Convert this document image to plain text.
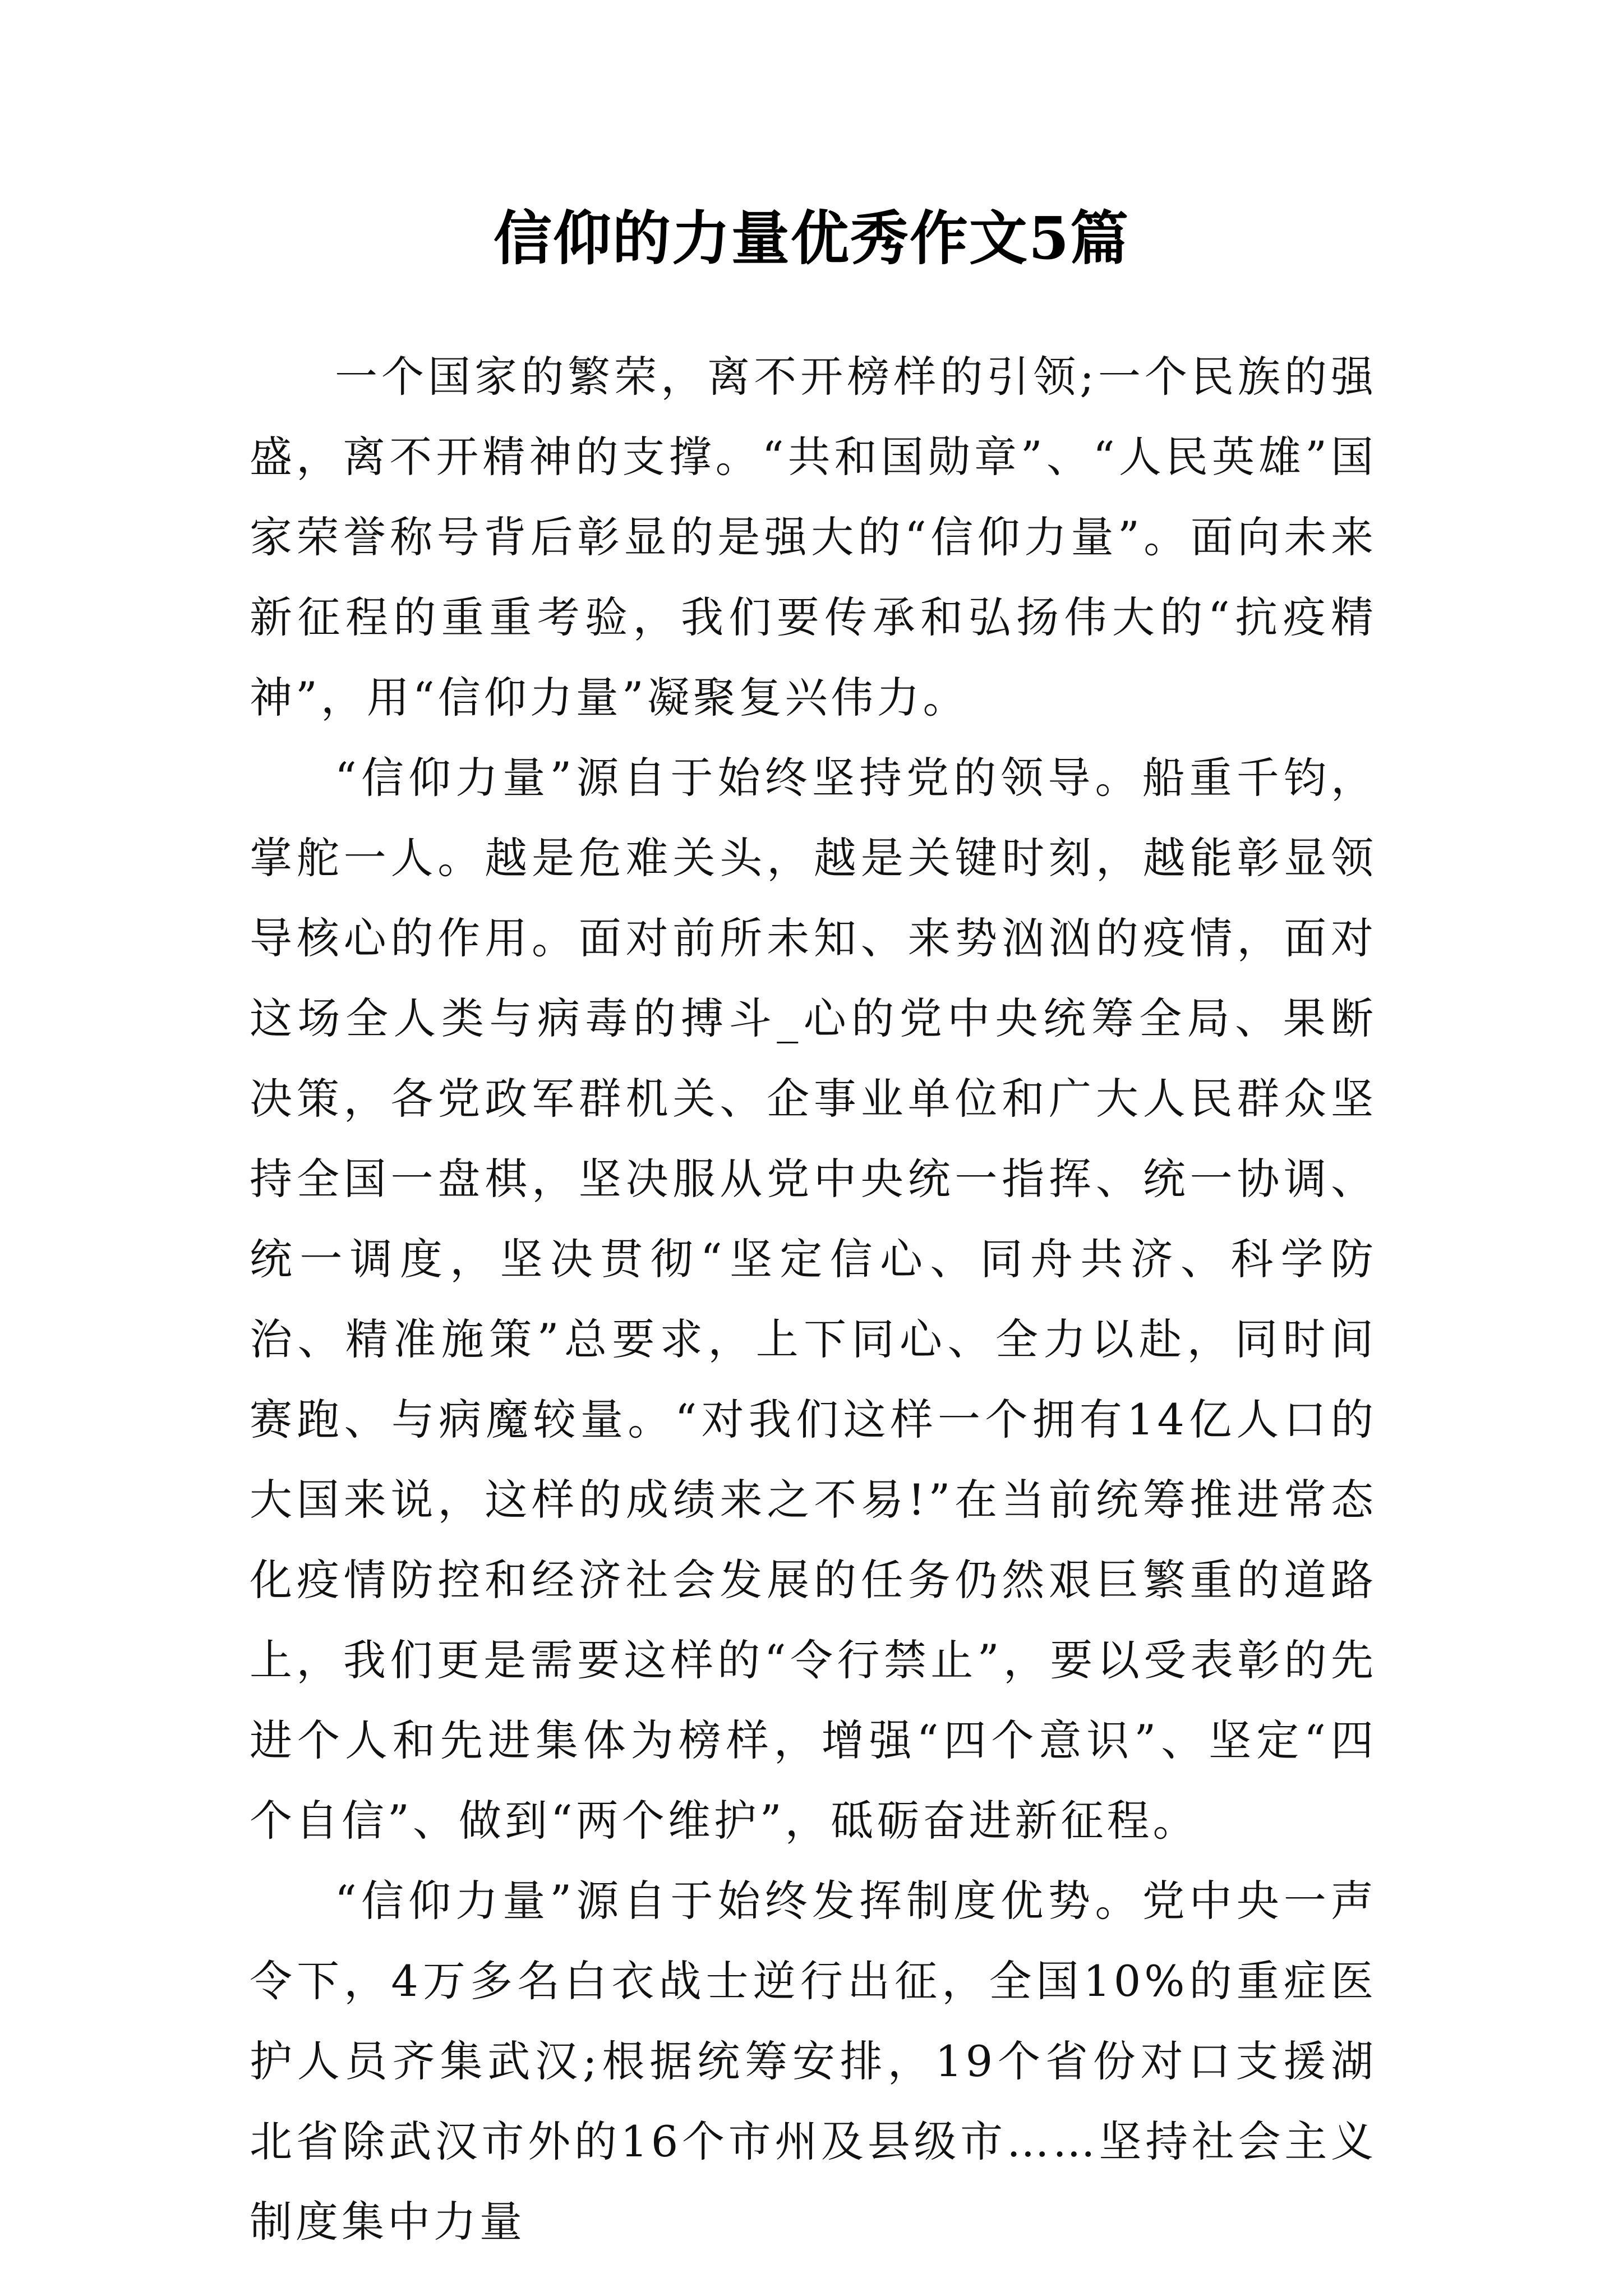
信仰的力量优秀作文5篇

一个国家的繁荣，离不开榜样的引领;一个民族的强盛，离不开精神的支撑。“共和国勋章”、“人民英雄”国家荣誉称号背后彰显的是强大的“信仰力量”。面向未来新征程的重重考验，我们要传承和弘扬伟大的“抗疫精神”，用“信仰力量”凝聚复兴伟力。

“信仰力量”源自于始终坚持党的领导。船重千钧，掌舵一人。越是危难关头，越是关键时刻，越能彰显领导核心的作用。面对前所未知、来势汹汹的疫情，面对这场全人类与病毒的搏斗_心的党中央统筹全局、果断决策，各党政军群机关、企事业单位和广大人民群众坚持全国一盘棋，坚决服从党中央统一指挥、统一协调、统一调度，坚决贯彻“坚定信心、同舟共济、科学防治、精准施策”总要求，上下同心、全力以赴，同时间赛跑、与病魔较量。“对我们这样一个拥有14亿人口的大国来说，这样的成绩来之不易!”在当前统筹推进常态化疫情防控和经济社会发展的任务仍然艰巨繁重的道路上，我们更是需要这样的“令行禁止”，要以受表彰的先进个人和先进集体为榜样，增强“四个意识”、坚定“四个自信”、做到“两个维护”，砥砺奋进新征程。

“信仰力量”源自于始终发挥制度优势。党中央一声令下，4万多名白衣战士逆行出征，全国10%的重症医护人员齐集武汉;根据统筹安排，19个省份对口支援湖北省除武汉市外的16个市州及县级市……坚持社会主义制度集中力量
